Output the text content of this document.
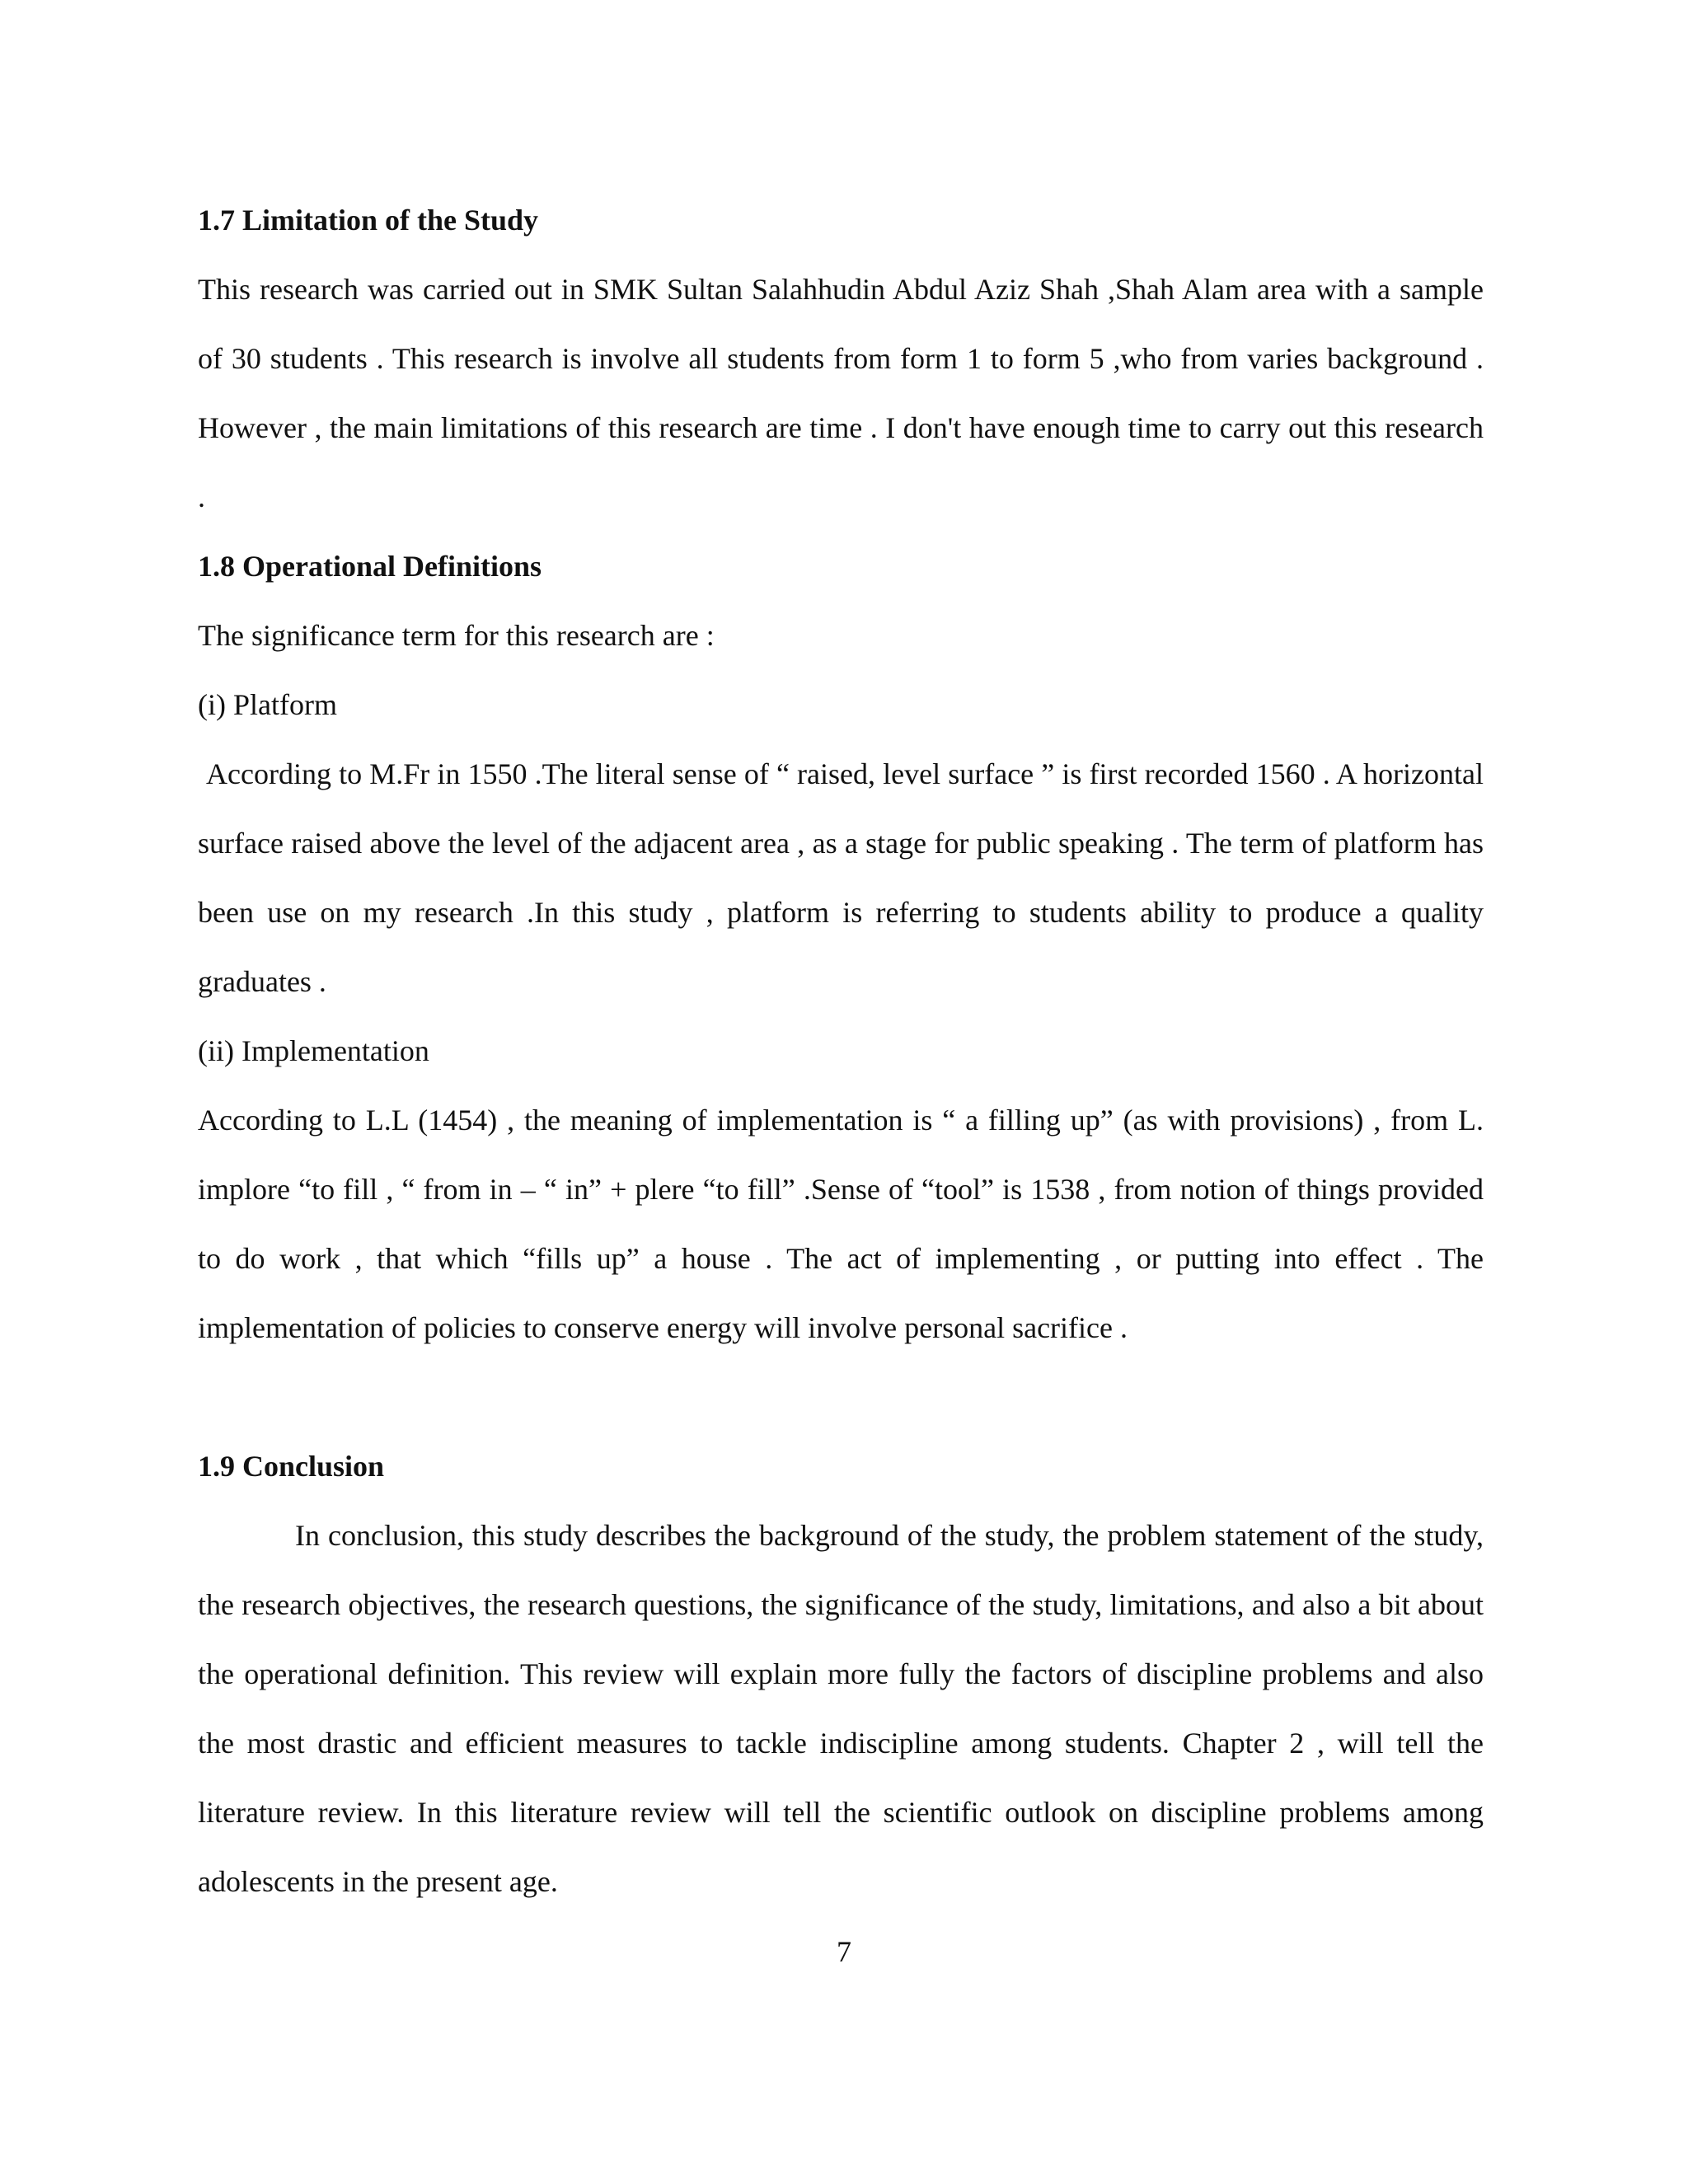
1.7 Limitation of the Study

This research was carried out in SMK Sultan Salahhudin Abdul Aziz Shah ,Shah Alam area with a sample of 30 students . This research is involve all students from form 1 to form 5 ,who from varies background . However , the main limitations of this research are time . I don't have enough time to carry out this research .

1.8 Operational Definitions

The significance term for this research are :

(i) Platform

According to M.Fr in 1550 .The literal sense of “ raised, level surface ” is first recorded 1560 . A horizontal surface raised above the level of the adjacent area , as a stage for public speaking . The term of platform has been use on my research .In this study , platform is referring to students ability to produce a quality graduates .

(ii) Implementation

According to L.L (1454) , the meaning of implementation is “ a filling up” (as with provisions) , from L. implore “to fill , “ from in – “ in” + plere “to fill” .Sense of “tool” is 1538 , from notion of things provided to do work , that which “fills up” a house . The act of implementing , or putting into effect . The implementation of policies to conserve energy will involve personal sacrifice .

1.9 Conclusion

In conclusion, this study describes the background of the study, the problem statement of the study, the research objectives, the research questions, the significance of the study, limitations, and also a bit about the operational definition. This review will explain more fully the factors of discipline problems and also the most drastic and efficient measures to tackle indiscipline among students. Chapter 2 , will tell the literature review. In this literature review will tell the scientific outlook on discipline problems among adolescents in the present age.

7
